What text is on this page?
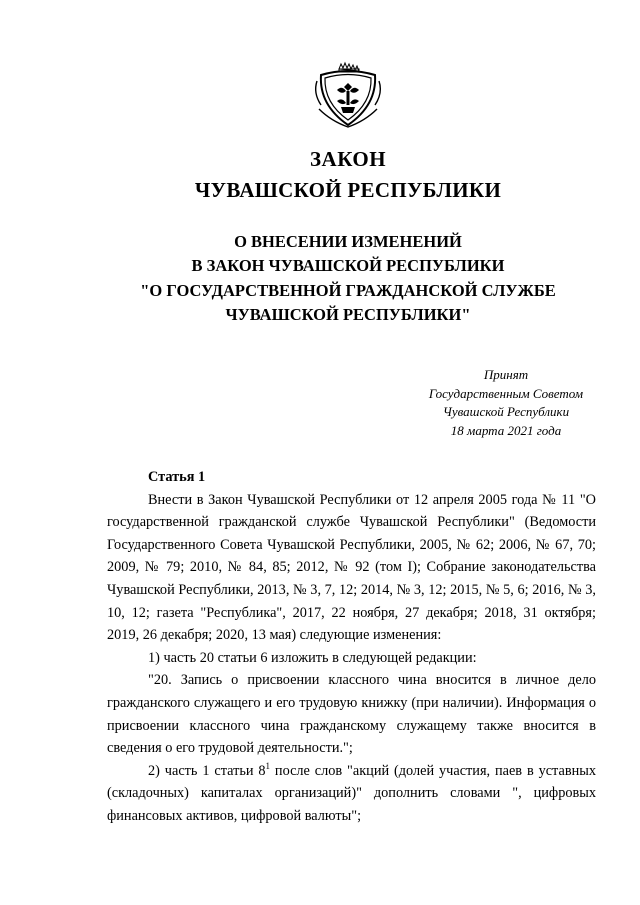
ЗАКОН
ЧУВАШСКОЙ РЕСПУБЛИКИ
О ВНЕСЕНИИ ИЗМЕНЕНИЙ
В ЗАКОН ЧУВАШСКОЙ РЕСПУБЛИКИ
"О ГОСУДАРСТВЕННОЙ ГРАЖДАНСКОЙ СЛУЖБЕ
ЧУВАШСКОЙ РЕСПУБЛИКИ"
Принят
Государственным Советом
Чувашской Республики
18 марта 2021 года

Статья 1

Внести в Закон Чувашской Республики от 12 апреля 2005 года № 11 "О государственной гражданской службе Чувашской Республики" (Ведомости Государственного Совета Чувашской Республики, 2005, № 62; 2006, № 67, 70; 2009, № 79; 2010, № 84, 85; 2012, № 92 (том I); Собрание законодательства Чувашской Республики, 2013, № 3, 7, 12; 2014, № 3, 12; 2015, № 5, 6; 2016, № 3, 10, 12; газета "Республика", 2017, 22 ноября, 27 декабря; 2018, 31 октября; 2019, 26 декабря; 2020, 13 мая) следующие изменения:

1) часть 20 статьи 6 изложить в следующей редакции:

"20. Запись о присвоении классного чина вносится в личное дело гражданского служащего и его трудовую книжку (при наличии). Информация о присвоении классного чина гражданскому служащему также вносится в сведения о его трудовой деятельности.";

2) часть 1 статьи $8^1$ после слов "акций (долей участия, паев в уставных (складочных) капиталах организаций)" дополнить словами ", цифровых финансовых активов, цифровой валюты";
